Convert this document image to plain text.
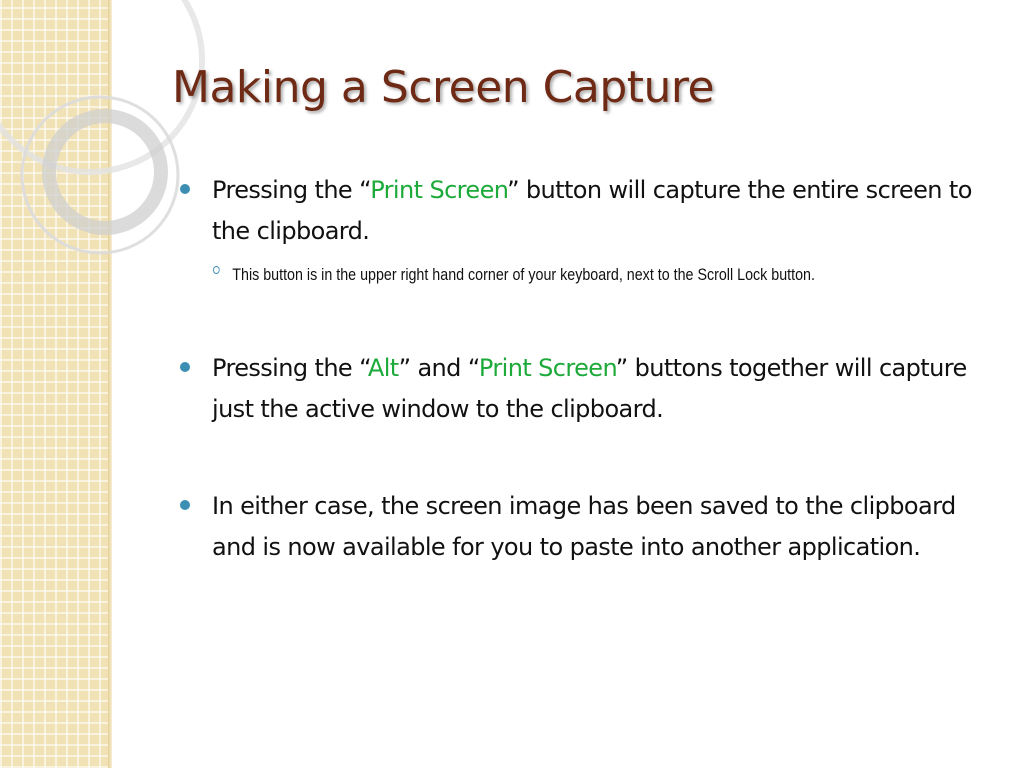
Making a Screen Capture
Pressing the “Print Screen” button will capture the entire screen to the clipboard.
This button is in the upper right hand corner of your keyboard, next to the Scroll Lock button.
Pressing the “Alt” and “Print Screen” buttons together will capture just the active window to the clipboard.
In either case, the screen image has been saved to the clipboard and is now available for you to paste into another application.
